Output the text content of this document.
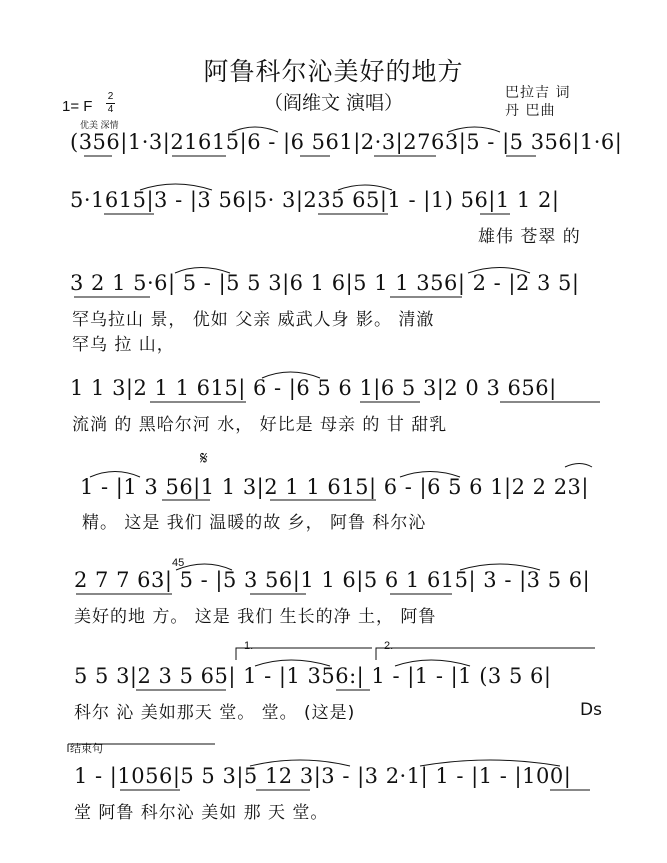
阿鲁科尔沁美好的地方
（阎维文 演唱）	巴拉吉 词
丹 巴曲
1= F
2
4
优美 深情
(356|1·3|21615|6 - |6 561|2·3|2763|5 - |5 356|1·6|
5·1615|3 - |3 56|5· 3|235 65|1 - |1) 56|1 1 2|
雄伟 苍翠 的
3 2 1 5·6| 5 - |5 5 3|6 1 6|5 1 1 356| 2 - |2 3 5|
罕乌拉山 景， 优如 父亲 威武人身 影。 清澈
罕乌 拉 山，
1 1 3|2 1 1 615| 6 - |6 5 6 1|6 5 3|2 0 3 656|
流淌 的 黑哈尔河 水， 好比是 母亲 的 甘 甜乳
𝄋
1 - |1 3 56|1 1 3|2 1 1 615| 6 - |6 5 6 1|2 2 23|
精。 这是 我们 温暖的故 乡， 阿鲁 科尔沁
45
2 7 7 63| 5 - |5 3 56|1 1 6|5 6 1 615| 3 - |3 5 6|
美好的地 方。 这是 我们 生长的净 土， 阿鲁
1.	2.
5 5 3|2 3 5 65| 1 - |1 356:| 1 - |1 - |1 (3 5 6|
科尔 沁 美如那天 堂。 堂。 (这是)	Ds
结束句
1 - |1056|5 5 3|5 12 3|3 - |3 2·1| 1 - |1 - |100|
堂 阿鲁 科尔沁 美如 那 天 堂。
